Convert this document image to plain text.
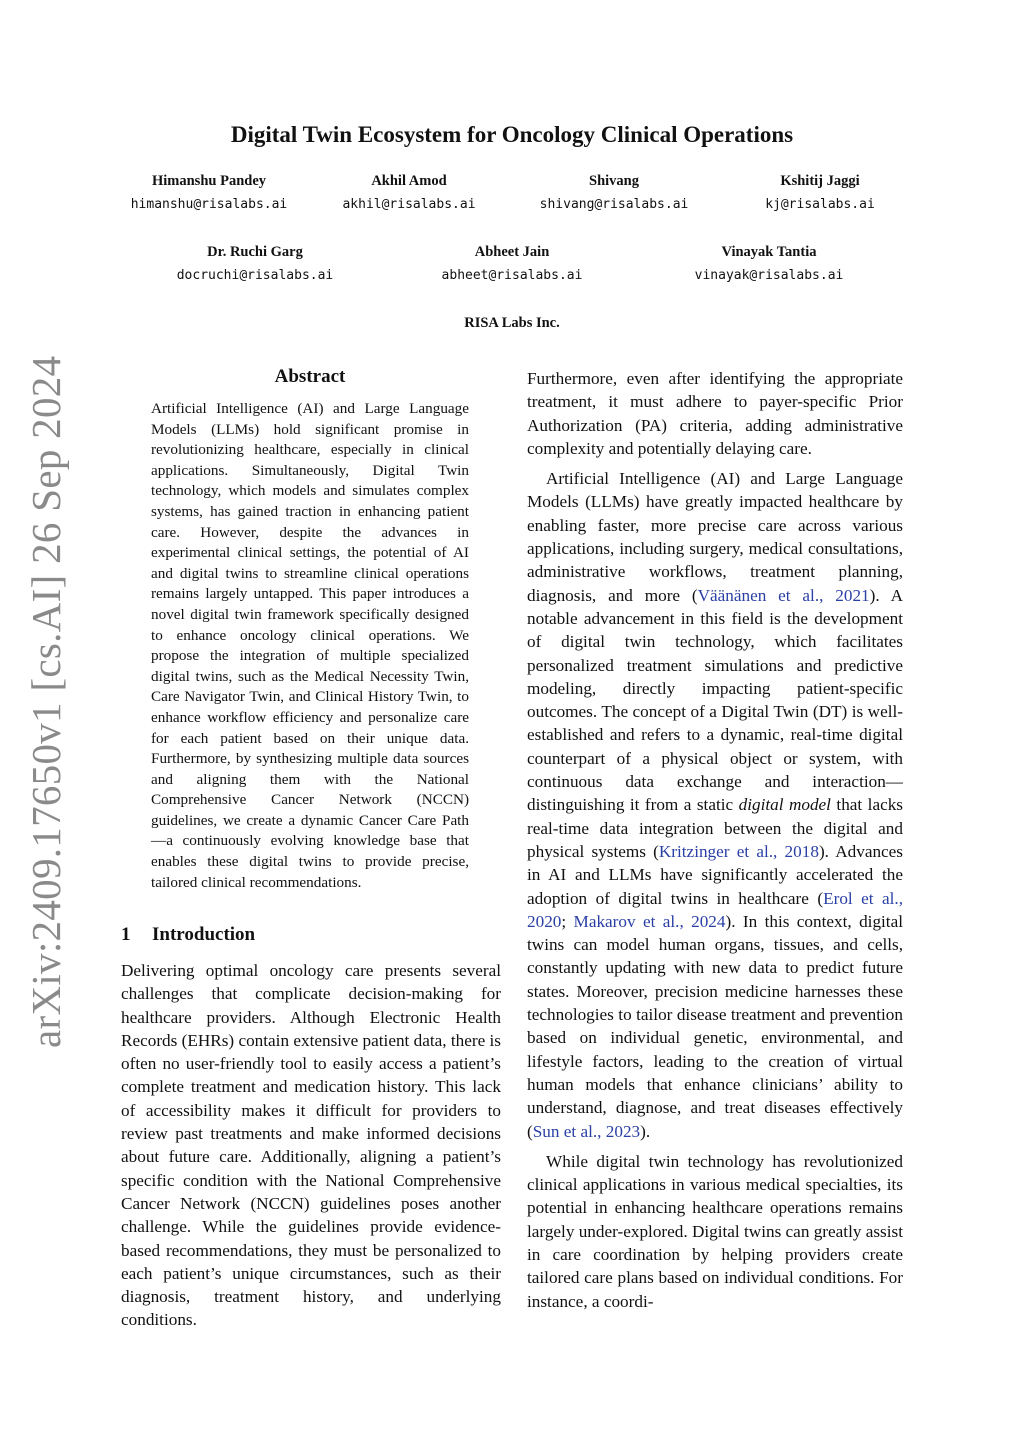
arXiv:2409.17650v1 [cs.AI] 26 Sep 2024
Digital Twin Ecosystem for Oncology Clinical Operations
Himanshu Pandey
himanshu@risalabs.ai
Akhil Amod
akhil@risalabs.ai
Shivang
shivang@risalabs.ai
Kshitij Jaggi
kj@risalabs.ai
Dr. Ruchi Garg
docruchi@risalabs.ai
Abheet Jain
abheet@risalabs.ai
Vinayak Tantia
vinayak@risalabs.ai
RISA Labs Inc.
Abstract
Artificial Intelligence (AI) and Large Language Models (LLMs) hold significant promise in revolutionizing healthcare, especially in clinical applications. Simultaneously, Digital Twin technology, which models and simulates complex systems, has gained traction in enhancing patient care. However, despite the advances in experimental clinical settings, the potential of AI and digital twins to streamline clinical operations remains largely untapped. This paper introduces a novel digital twin framework specifically designed to enhance oncology clinical operations. We propose the integration of multiple specialized digital twins, such as the Medical Necessity Twin, Care Navigator Twin, and Clinical History Twin, to enhance workflow efficiency and personalize care for each patient based on their unique data. Furthermore, by synthesizing multiple data sources and aligning them with the National Comprehensive Cancer Network (NCCN) guidelines, we create a dynamic Cancer Care Path—a continuously evolving knowledge base that enables these digital twins to provide precise, tailored clinical recommendations.
1 Introduction

Delivering optimal oncology care presents several challenges that complicate decision-making for healthcare providers. Although Electronic Health Records (EHRs) contain extensive patient data, there is often no user-friendly tool to easily access a patient’s complete treatment and medication history. This lack of accessibility makes it difficult for providers to review past treatments and make informed decisions about future care. Additionally, aligning a patient’s specific condition with the National Comprehensive Cancer Network (NCCN) guidelines poses another challenge. While the guidelines provide evidence-based recommendations, they must be personalized to each patient’s unique circumstances, such as their diagnosis, treatment history, and underlying conditions.

Furthermore, even after identifying the appropriate treatment, it must adhere to payer-specific Prior Authorization (PA) criteria, adding administrative complexity and potentially delaying care.

Artificial Intelligence (AI) and Large Language Models (LLMs) have greatly impacted healthcare by enabling faster, more precise care across various applications, including surgery, medical consultations, administrative workflows, treatment planning, diagnosis, and more (Väänänen et al., 2021). A notable advancement in this field is the development of digital twin technology, which facilitates personalized treatment simulations and predictive modeling, directly impacting patient-specific outcomes. The concept of a Digital Twin (DT) is well-established and refers to a dynamic, real-time digital counterpart of a physical object or system, with continuous data exchange and interaction—distinguishing it from a static digital model that lacks real-time data integration between the digital and physical systems (Kritzinger et al., 2018). Advances in AI and LLMs have significantly accelerated the adoption of digital twins in healthcare (Erol et al., 2020; Makarov et al., 2024). In this context, digital twins can model human organs, tissues, and cells, constantly updating with new data to predict future states. Moreover, precision medicine harnesses these technologies to tailor disease treatment and prevention based on individual genetic, environmental, and lifestyle factors, leading to the creation of virtual human models that enhance clinicians’ ability to understand, diagnose, and treat diseases effectively (Sun et al., 2023).

While digital twin technology has revolutionized clinical applications in various medical specialties, its potential in enhancing healthcare operations remains largely under-explored. Digital twins can greatly assist in care coordination by helping providers create tailored care plans based on individual conditions. For instance, a coordi-
